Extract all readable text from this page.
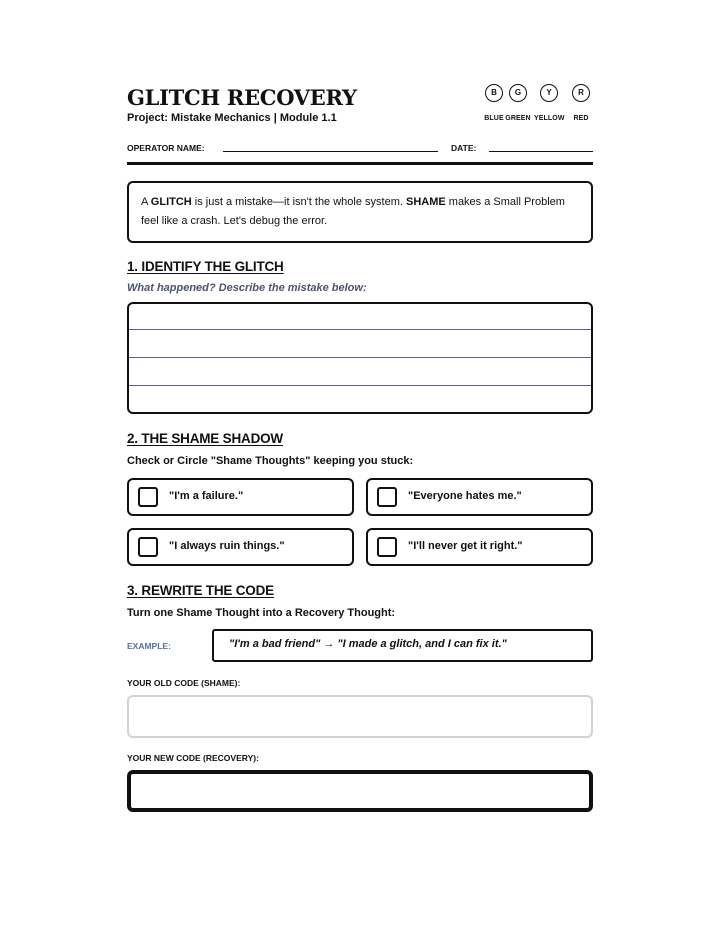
GLITCH RECOVERY
Project: Mistake Mechanics | Module 1.1
B
BLUE
G
GREEN
Y
YELLOW
R
RED
OPERATOR NAME:	DATE:
A GLITCH is just a mistake—it isn't the whole system. SHAME makes a Small Problem feel like a crash. Let's debug the error.
1. IDENTIFY THE GLITCH
What happened? Describe the mistake below:
2. THE SHAME SHADOW
Check or Circle "Shame Thoughts" keeping you stuck:
"I'm a failure."	"Everyone hates me."
"I always ruin things."	"I'll never get it right."
3. REWRITE THE CODE
Turn one Shame Thought into a Recovery Thought:
EXAMPLE:	"I'm a bad friend" → "I made a glitch, and I can fix it."
YOUR OLD CODE (SHAME):
YOUR NEW CODE (RECOVERY):
